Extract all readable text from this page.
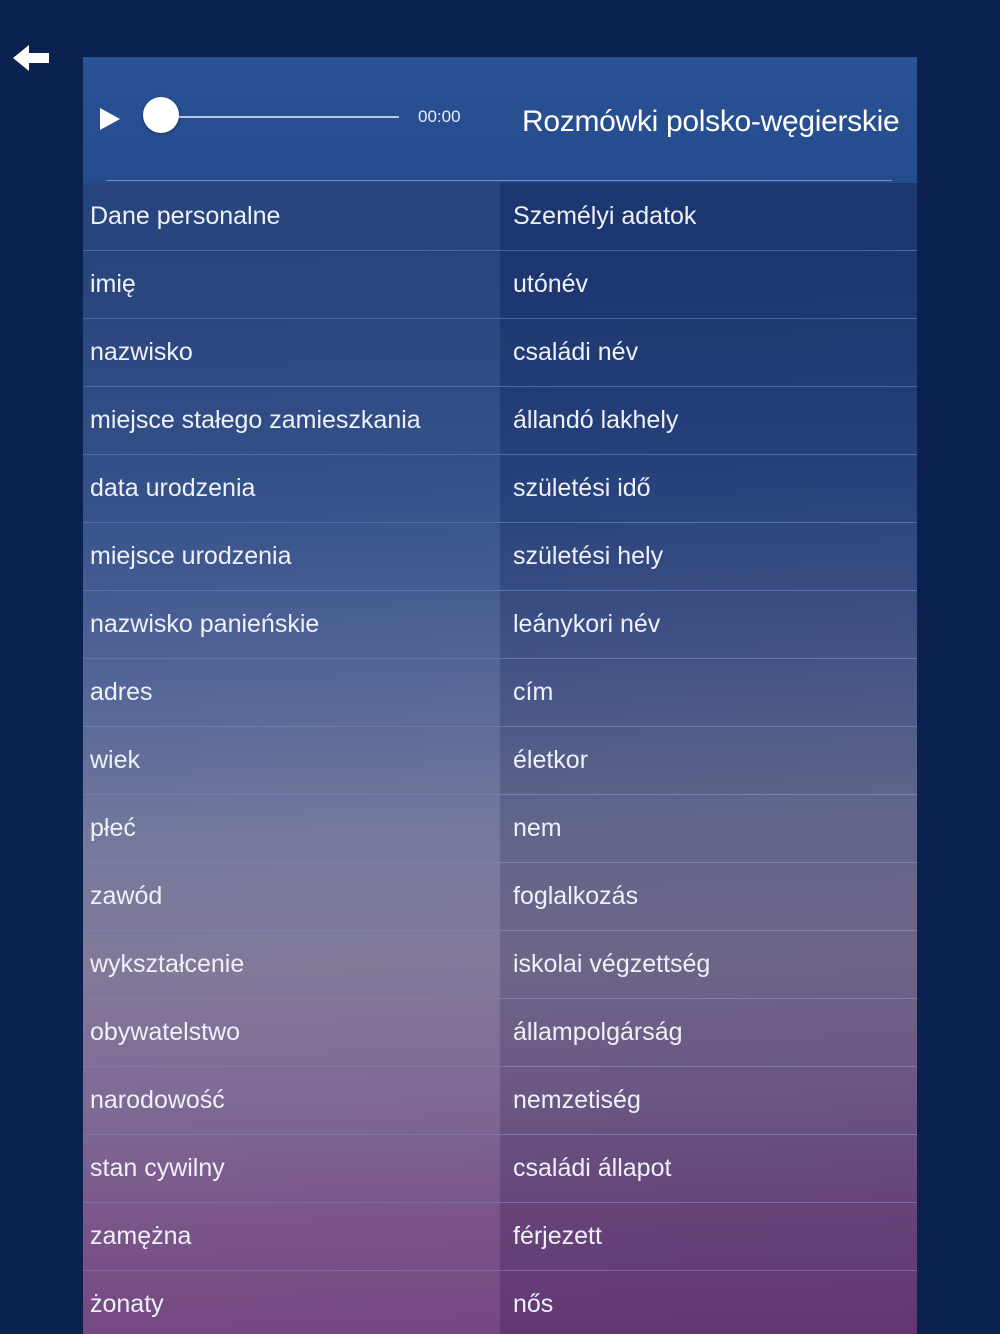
00:00 Rozmówki polsko-węgierskie
Dane personalne	Személyi adatok
imię	utónév
nazwisko	családi név
miejsce stałego zamieszkania	állandó lakhely
data urodzenia	születési idő
miejsce urodzenia	születési hely
nazwisko panieńskie	leánykori név
adres	cím
wiek	életkor
płeć	nem
zawód	foglalkozás
wykształcenie	iskolai végzettség
obywatelstwo	állampolgárság
narodowość	nemzetiség
stan cywilny	családi állapot
zamężna	férjezett
żonaty	nős
